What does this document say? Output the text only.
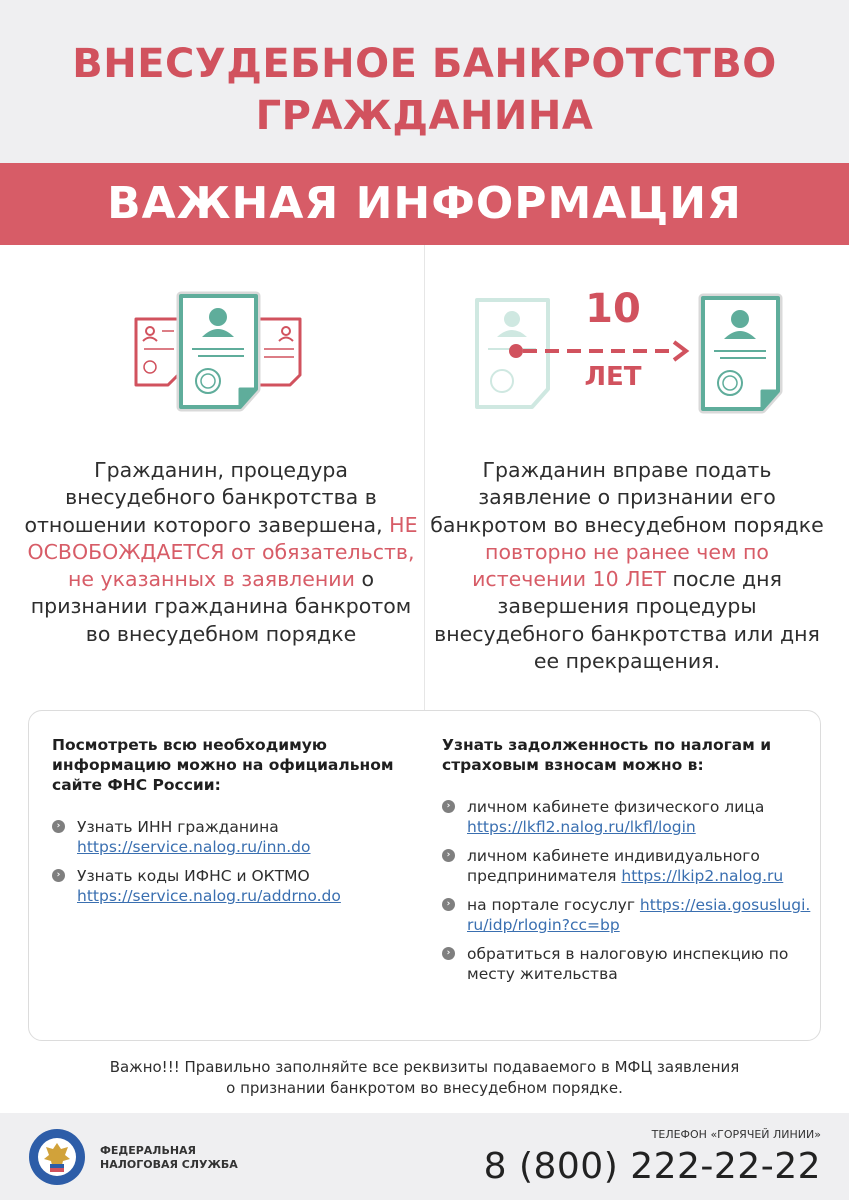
ВНЕСУДЕБНОЕ БАНКРОТСТВО
ГРАЖДАНИНА
ВАЖНАЯ ИНФОРМАЦИЯ
10
ЛЕТ
Гражданин, процедура внесудебного банкротства в отношении которого завершена, НЕ ОСВОБОЖДАЕТСЯ от обязательств, не указанных в заявлении о признании гражданина банкротом во внесудебном порядке
Гражданин вправе подать заявление о признании его банкротом во внесудебном порядке повторно не ранее чем по истечении 10 ЛЕТ после дня завершения процедуры внесудебного банкротства или дня ее прекращения.
Посмотреть всю необходимую информацию можно на официальном сайте ФНС России:
› Узнать ИНН гражданина
https://service.nalog.ru/inn.do
› Узнать коды ИФНС и ОКТМО
https://service.nalog.ru/addrno.do
Узнать задолженность по налогам и страховым взносам можно в:
› личном кабинете физического лица
https://lkfl2.nalog.ru/lkfl/login
› личном кабинете индивидуального предпринимателя https://lkip2.nalog.ru
› на портале госуслуг https://esia.gosuslugi.ru/idp/rlogin?cc=bp
› обратиться в налоговую инспекцию по месту жительства
Важно!!! Правильно заполняйте все реквизиты подаваемого в МФЦ заявления
о признании банкротом во внесудебном порядке.
ФЕДЕРАЛЬНАЯ
НАЛОГОВАЯ СЛУЖБА
ТЕЛЕФОН «ГОРЯЧЕЙ ЛИНИИ»
8 (800) 222-22-22
